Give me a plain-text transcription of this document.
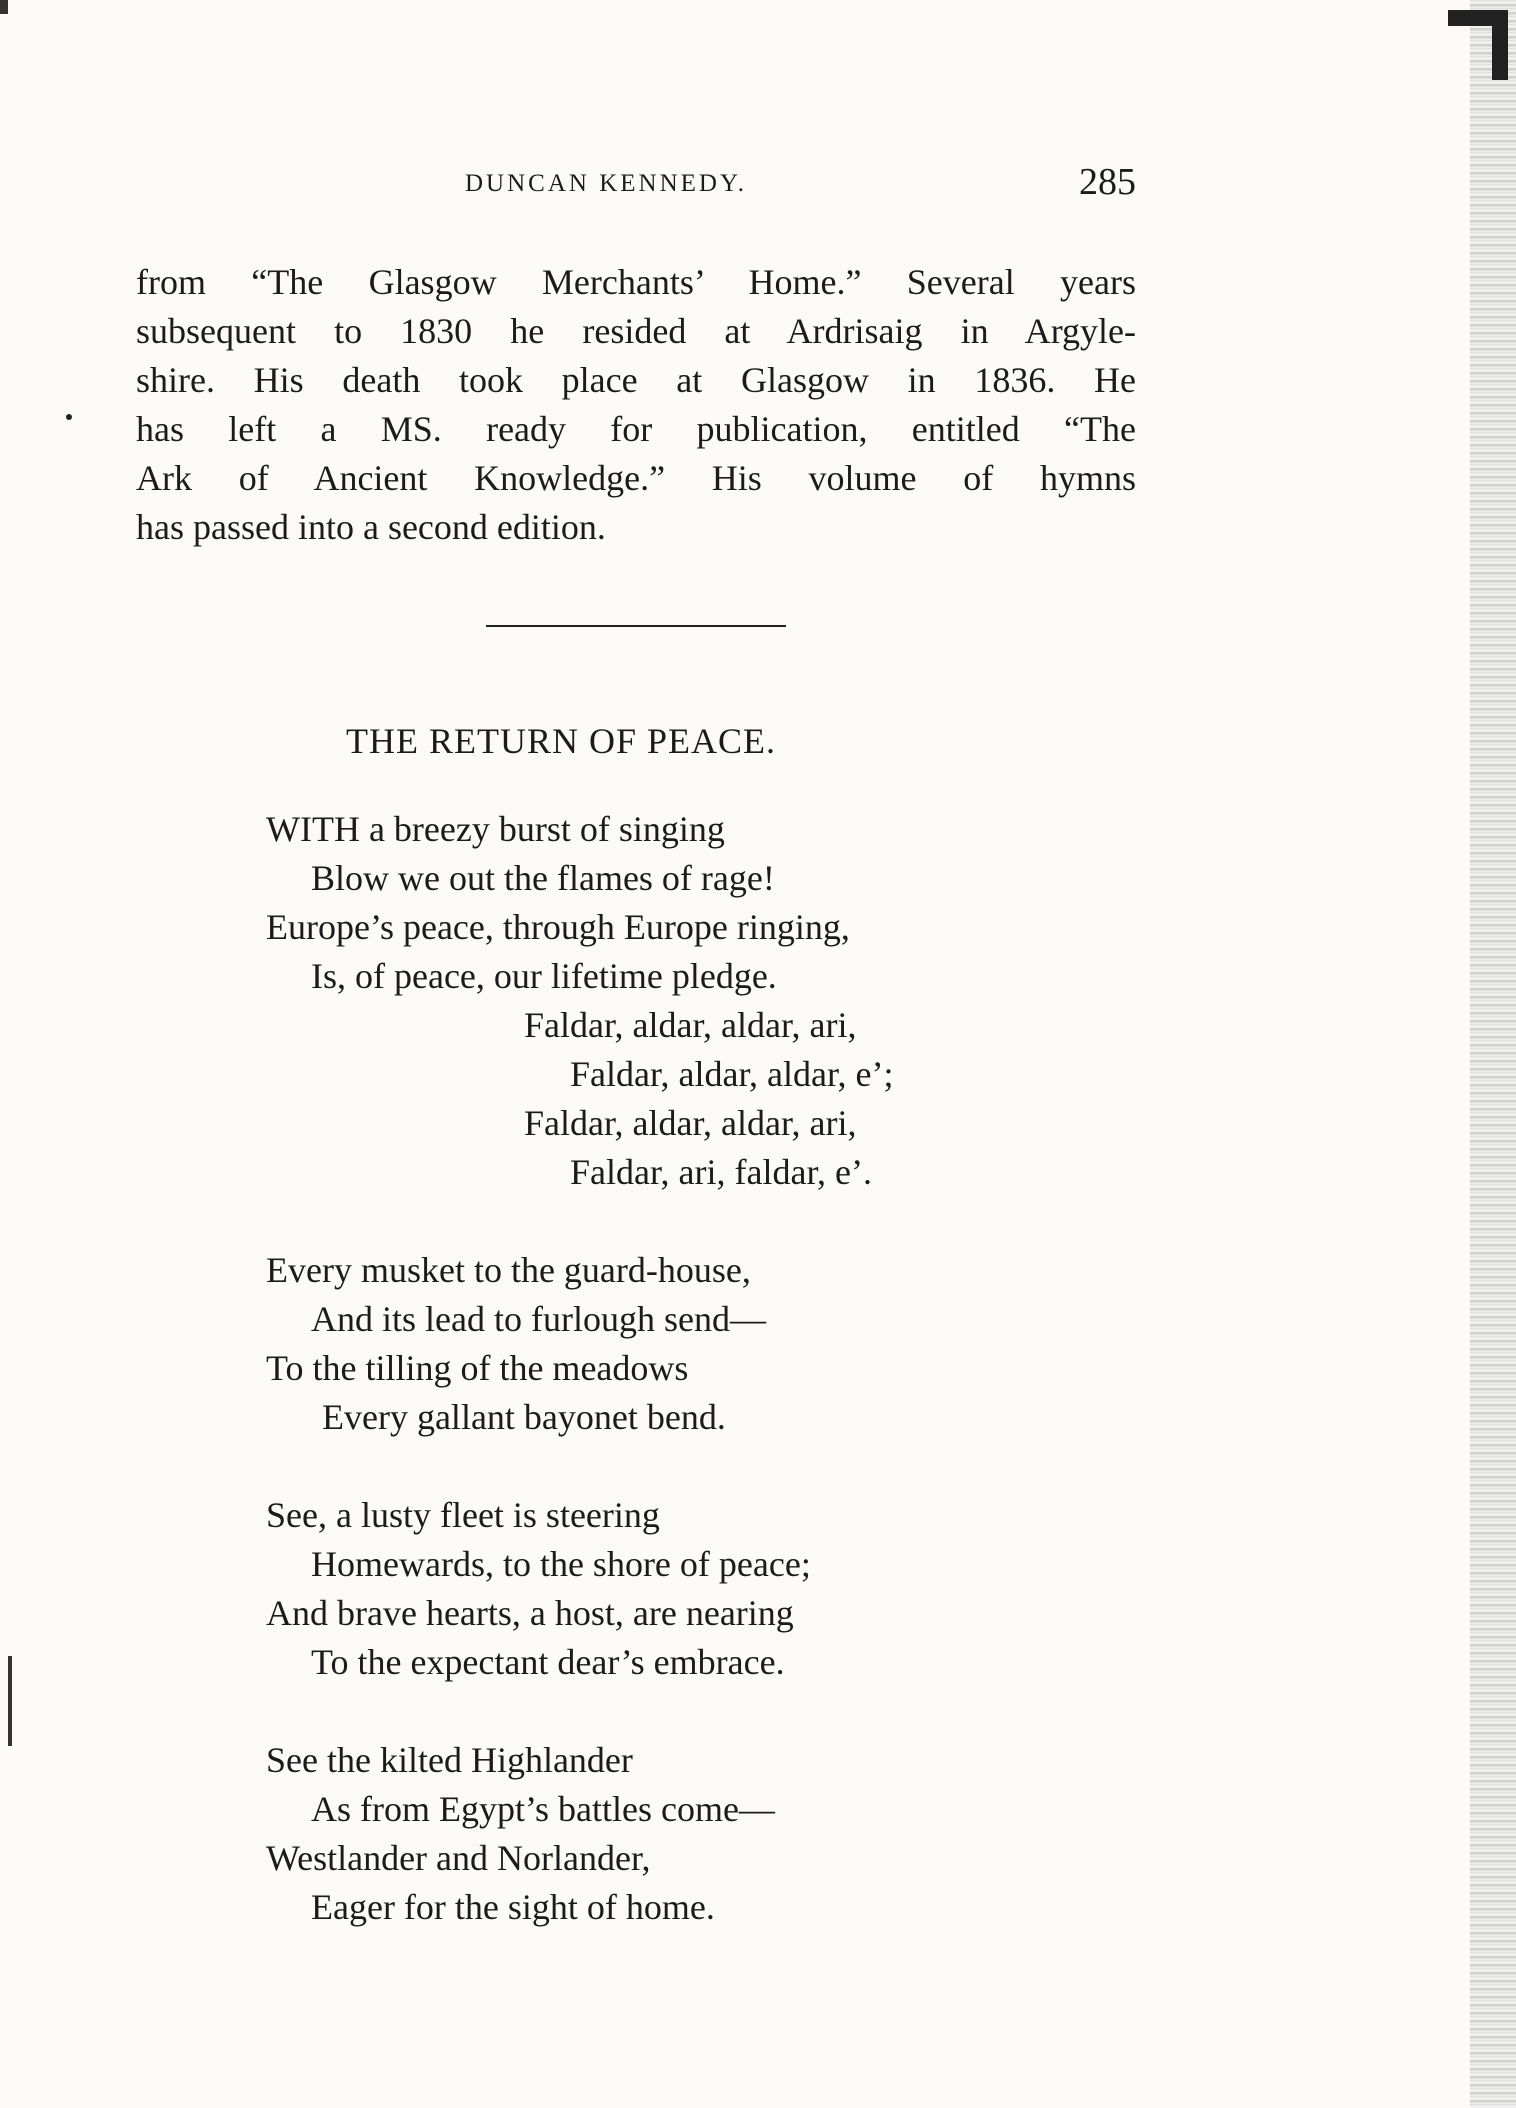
DUNCAN KENNEDY.	285

from “The Glasgow Merchants’ Home.” Several years
subsequent to 1830 he resided at Ardrisaig in Argyle-
shire. His death took place at Glasgow in 1836. He
has left a MS. ready for publication, entitled “The
Ark of Ancient Knowledge.” His volume of hymns
has passed into a second edition.

THE RETURN OF PEACE.
WITH a breezy burst of singing
Blow we out the flames of rage!
Europe’s peace, through Europe ringing,
Is, of peace, our lifetime pledge.
Faldar, aldar, aldar, ari,
Faldar, aldar, aldar, e’;
Faldar, aldar, aldar, ari,
Faldar, ari, faldar, e’.
Every musket to the guard-house,
And its lead to furlough send—
To the tilling of the meadows
Every gallant bayonet bend.
See, a lusty fleet is steering
Homewards, to the shore of peace;
And brave hearts, a host, are nearing
To the expectant dear’s embrace.
See the kilted Highlander
As from Egypt’s battles come—
Westlander and Norlander,
Eager for the sight of home.
